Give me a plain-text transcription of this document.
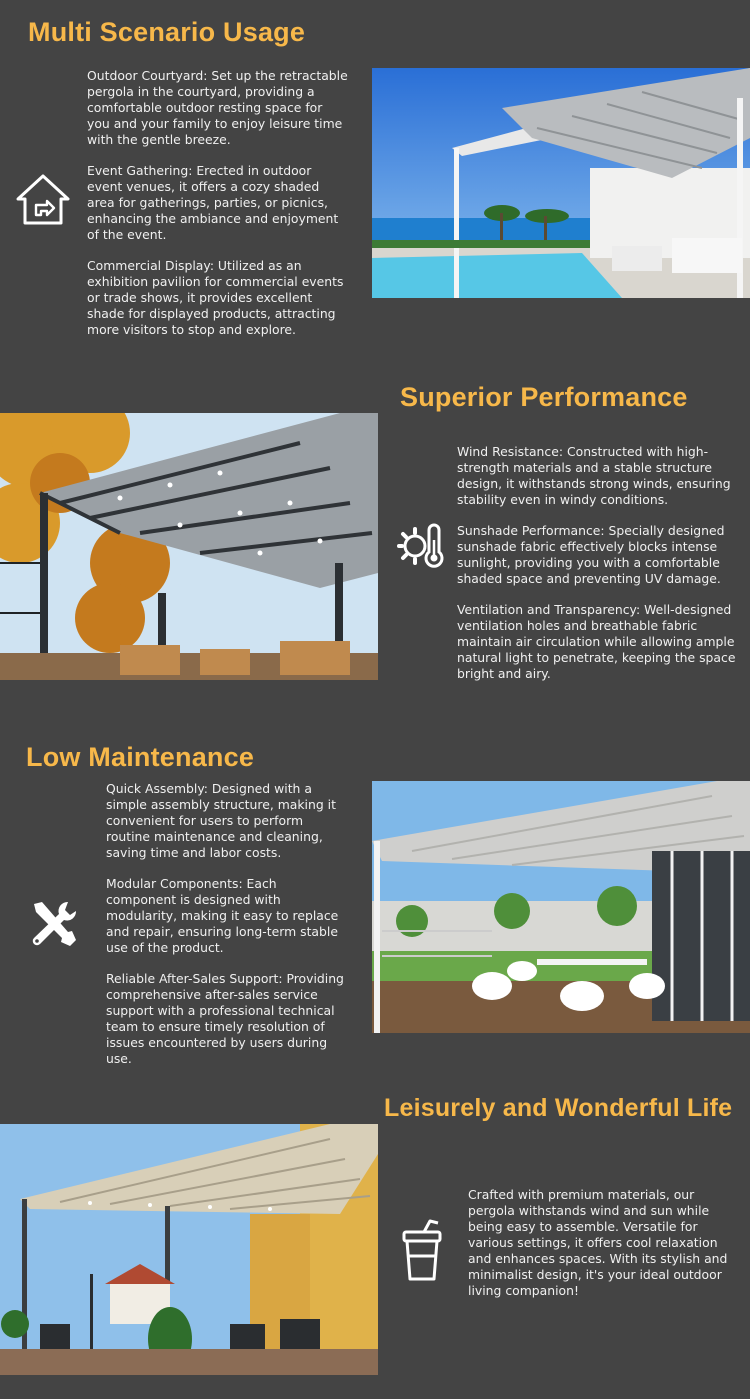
Multi Scenario Usage

Outdoor Courtyard: Set up the retractable pergola in the courtyard, providing a comfortable outdoor resting space for you and your family to enjoy leisure time with the gentle breeze.

Event Gathering: Erected in outdoor event venues, it offers a cozy shaded area for gatherings, parties, or picnics, enhancing the ambiance and enjoyment of the event.

Commercial Display: Utilized as an exhibition pavilion for commercial events or trade shows, it provides excellent shade for displayed products, attracting more visitors to stop and explore.

Superior Performance

Wind Resistance: Constructed with high-strength materials and a stable structure design, it withstands strong winds, ensuring stability even in windy conditions.

Sunshade Performance: Specially designed sunshade fabric effectively blocks intense sunlight, providing you with a comfortable shaded space and preventing UV damage.

Ventilation and Transparency: Well-designed ventilation holes and breathable fabric maintain air circulation while allowing ample natural light to penetrate, keeping the space bright and airy.

Low Maintenance

Quick Assembly: Designed with a simple assembly structure, making it convenient for users to perform routine maintenance and cleaning, saving time and labor costs.

Modular Components: Each component is designed with modularity, making it easy to replace and repair, ensuring long-term stable use of the product.

Reliable After-Sales Support: Providing comprehensive after-sales service support with a professional technical team to ensure timely resolution of issues encountered by users during use.

Leisurely and Wonderful Life

Crafted with premium materials, our pergola withstands wind and sun while being easy to assemble. Versatile for various settings, it offers cool relaxation and enhances spaces. With its stylish and minimalist design, it's your ideal outdoor living companion!
